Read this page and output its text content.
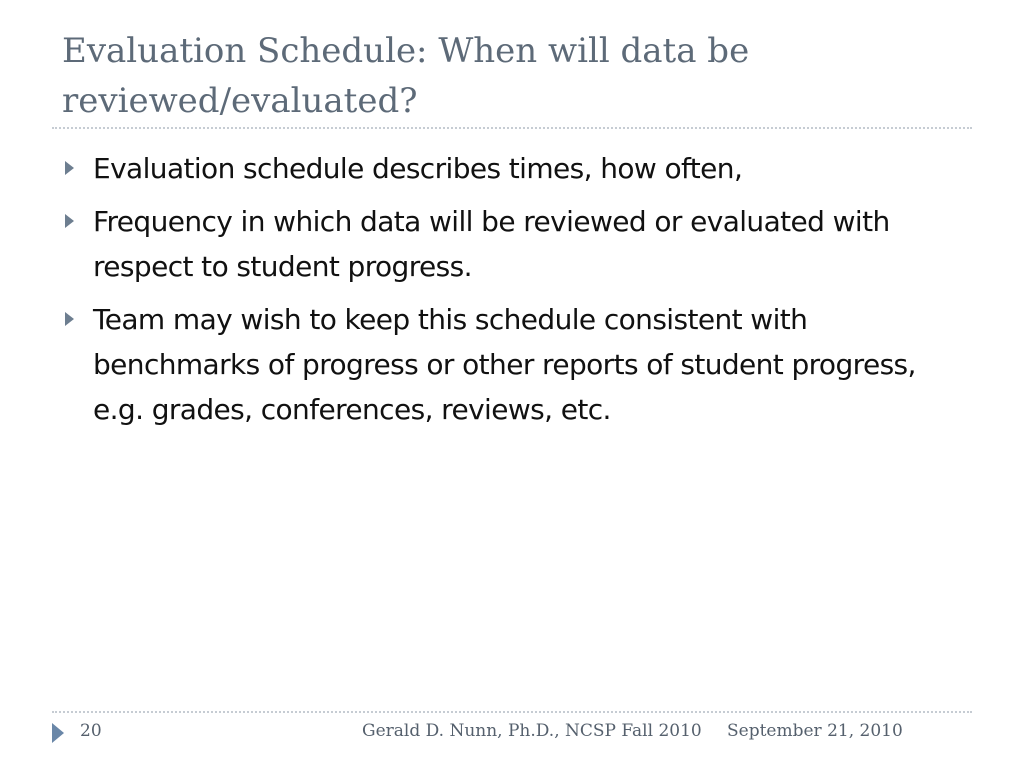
Evaluation Schedule: When will data be reviewed/evaluated?
Evaluation schedule describes times, how often,
Frequency in which data will be reviewed or evaluated with respect to student progress.
Team may wish to keep this schedule consistent with benchmarks of progress or other reports of student progress, e.g. grades, conferences, reviews, etc.
20	Gerald D. Nunn, Ph.D., NCSP Fall 2010 September 21, 2010
